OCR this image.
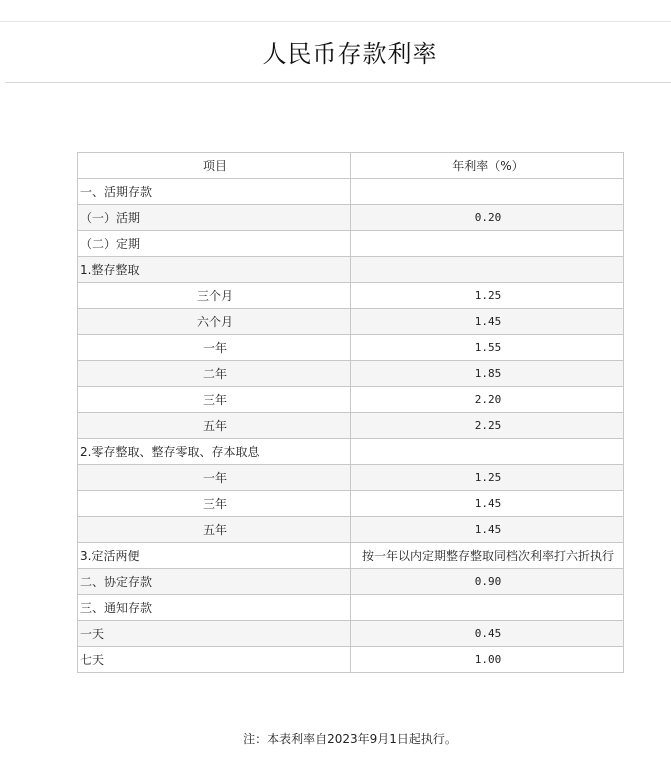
人民币存款利率
项目	年利率（%）
一、活期存款	
（一）活期	0.20
（二）定期	
1.整存整取	
三个月	1.25
六个月	1.45
一年	1.55
二年	1.85
三年	2.20
五年	2.25
2.零存整取、整存零取、存本取息	
一年	1.25
三年	1.45
五年	1.45
3.定活两便	按一年以内定期整存整取同档次利率打六折执行
二、协定存款	0.90
三、通知存款	
一天	0.45
七天	1.00
注：本表利率自2023年9月1日起执行。
